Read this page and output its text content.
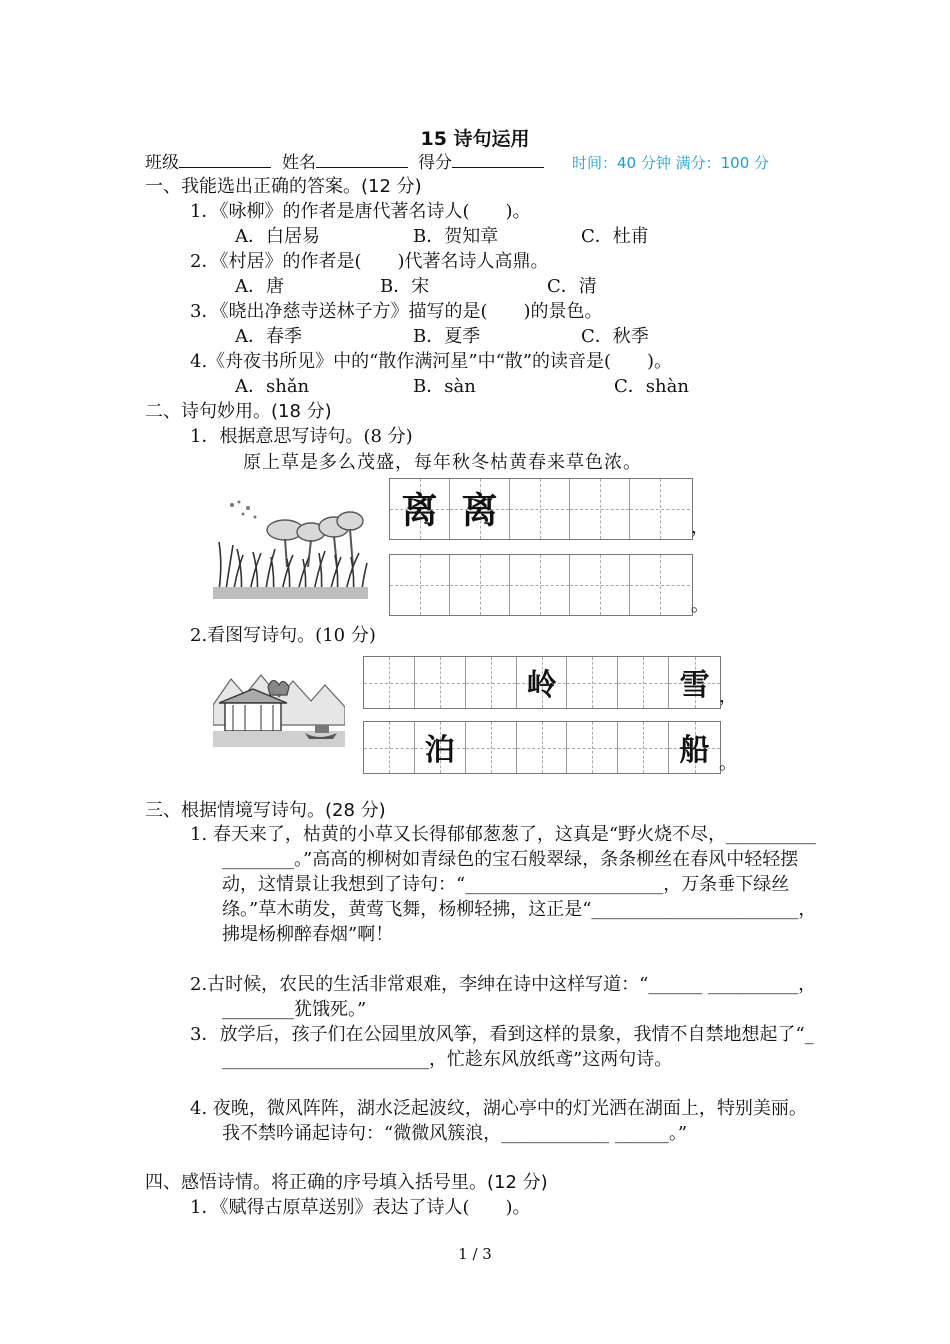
15 诗句运用
班级	姓名	得分	时间：40 分钟 满分：100 分
一、我能选出正确的答案。(12 分)
1．《咏柳》的作者是唐代著名诗人(　　)。
A．白居易	B．贺知章	C．杜甫
2．《村居》的作者是(　　)代著名诗人高鼎。
A．唐	B．宋	C．清
3．《晓出净慈寺送林子方》描写的是(　　)的景色。
A．春季	B．夏季	C．秋季
4.《舟夜书所见》中的“散作满河星”中“散”的读音是(　　)。
A．shǎn	B．sàn	C．shàn
二、诗句妙用。(18 分)
1．根据意思写诗句。(8 分)
原上草是多么茂盛，每年秋冬枯黄春来草色浓。
离 离	，
。
2.看图写诗句。(10 分)
岭	雪 ，
泊	船 。
三、根据情境写诗句。(28 分)
1. 春天来了，枯黄的小草又长得郁郁葱葱了，这真是“野火烧不尽，__________________。”高高的柳树如青绿色的宝石般翠绿，条条柳丝在春风中轻轻摆动，这情景让我想到了诗句：“______________________，万条垂下绿丝绦。”草木萌发，黄莺飞舞，杨柳轻拂，这正是“_______________________，拂堤杨柳醉春烟”啊！
2.古时候，农民的生活非常艰难，李绅在诗中这样写道：“______ __________，________犹饿死。”
3．放学后，孩子们在公园里放风筝，看到这样的景象，我情不自禁地想起了“________________________，忙趁东风放纸鸢”这两句诗。
4. 夜晚，微风阵阵，湖水泛起波纹，湖心亭中的灯光洒在湖面上，特别美丽。我不禁吟诵起诗句：“微微风簇浪，____________ ______。”
四、感悟诗情。将正确的序号填入括号里。(12 分)
1．《赋得古原草送别》表达了诗人(　　)。
1 / 3
